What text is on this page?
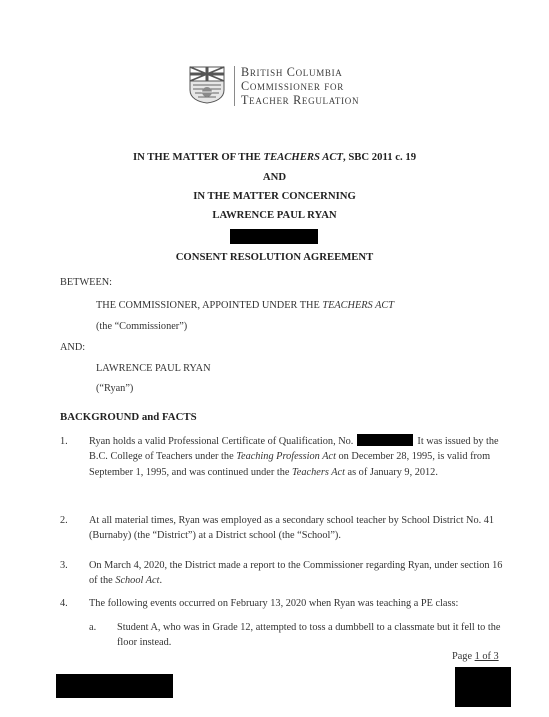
British Columbia
Commissioner for
Teacher Regulation
IN THE MATTER OF THE TEACHERS ACT, SBC 2011 c. 19
AND
IN THE MATTER CONCERNING
LAWRENCE PAUL RYAN
CONSENT RESOLUTION AGREEMENT
BETWEEN:
THE COMMISSIONER, APPOINTED UNDER THE TEACHERS ACT
(the “Commissioner”)
AND:
LAWRENCE PAUL RYAN
(“Ryan”)
BACKGROUND and FACTS
1. Ryan holds a valid Professional Certificate of Qualification, No.	It was issued by the B.C. College of Teachers under the Teaching Profession Act on December 28, 1995, is valid from September 1, 1995, and was continued under the Teachers Act as of January 9, 2012.
2. At all material times, Ryan was employed as a secondary school teacher by School District No. 41 (Burnaby) (the “District”) at a District school (the “School”).
3. On March 4, 2020, the District made a report to the Commissioner regarding Ryan, under section 16 of the School Act.
4. The following events occurred on February 13, 2020 when Ryan was teaching a PE class:
a. Student A, who was in Grade 12, attempted to toss a dumbbell to a classmate but it fell to the floor instead.
Page 1 of 3
